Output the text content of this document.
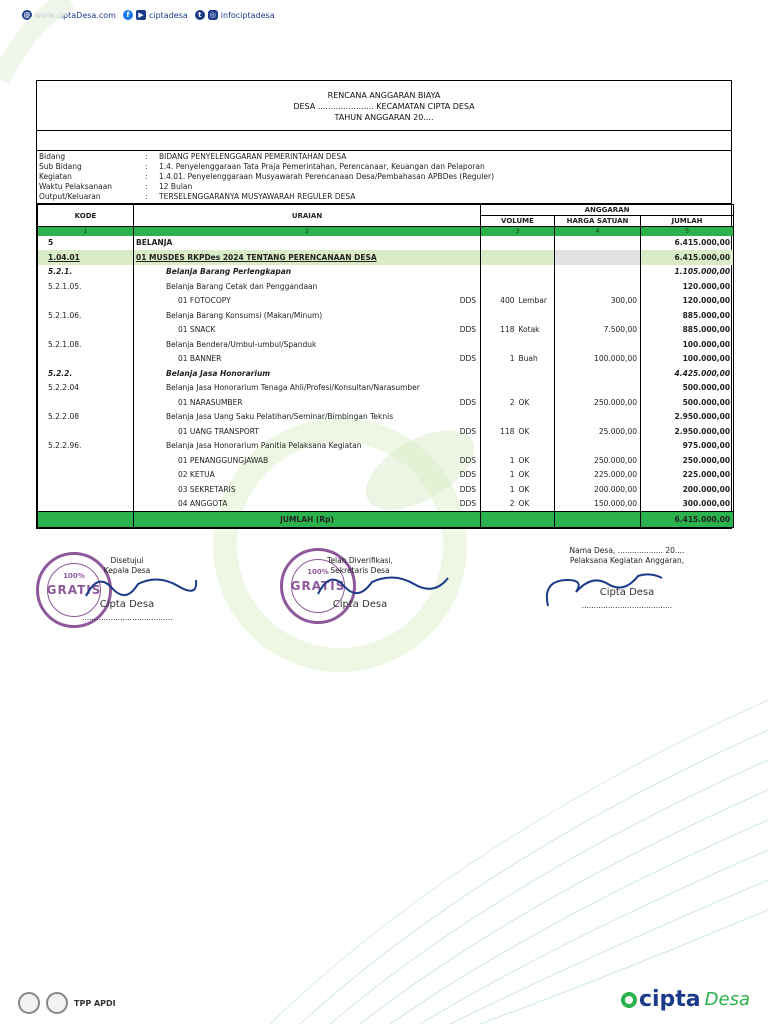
@ www.ciptaDesa.com	f	▶ ciptadesa	t	◎ infociptadesa
RENCANA ANGGARAN BIAYA
DESA ...................... KECAMATAN CIPTA DESA
TAHUN ANGGARAN 20....
Bidang	:	BIDANG PENYELENGGARAN PEMERINTAHAN DESA
Sub Bidang	:	1.4. Penyelenggaraan Tata Praja Pemerintahan, Perencanaar, Keuangan dan Pelaporan
Kegiatan	:	1.4.01. Penyelenggaraan Musyawarah Perencanaan Desa/Pembahasan APBDes (Reguler)
Waktu Pelaksanaan	:	12 Bulan
Output/Keluaran	:	TERSELENGGARANYA MUSYAWARAH REGULER DESA
KODE	URAIAN		ANGGARAN			
			VOLUME		HARGA SATUAN	JUMLAH
1	2		3		4	5
5	BELANJA					6.415.000,00
1.04.01	01 MUSDES RKPDes 2024 TENTANG PERENCANAAN DESA					6.415.000,00
5.2.1.	Belanja Barang Perlengkapan					1.105.000,00
5.2.1.05.	Belanja Barang Cetak dan Penggandaan					120.000,00
	01 FOTOCOPY	DDS	400	Lembar	300,00	120.000,00
5.2.1.06.	Belanja Barang Konsumsi (Makan/Minum)					885.000,00
	01 SNACK	DDS	118	Kotak	7.500,00	885.000,00
5.2.1.08.	Belanja Bendera/Umbul-umbul/Spanduk					100.000,00
	01 BANNER	DDS	1	Buah	100.000,00	100.000,00
5.2.2.	Belanja Jasa Honorarium					4.425.000,00
5.2.2.04	Belanja Jasa Honorarium Tenaga Ahli/Profesi/Konsultan/Narasumber					500.000,00
	01 NARASUMBER	DDS	2	OK	250.000,00	500.000,00
5.2.2.08	Belanja Jasa Uang Saku Pelatihan/Seminar/Bimbingan Teknis					2.950.000,00
	01 UANG TRANSPORT	DDS	118	OK	25.000,00	2.950.000,00
5.2.2.96.	Belanja Jasa Honorarium Panitia Pelaksana Kegiatan					975.000,00
	01 PENANGGUNGJAWAB	DDS	1	OK	250.000,00	250.000,00
	02 KETUA	DDS	1	OK	225.000,00	225.000,00
	03 SEKRETARIS	DDS	1	OK	200.000,00	200.000,00
	04 ANGGOTA	DDS	2	OK	150.000,00	300.000,00
	JUMLAH (Rp)					6.415.000,00
100%
GRATIS
Disetujui
Kepala Desa
Cipta Desa
......................................
100%
GRATIS
Telah Diverifikasi,
Sekretaris Desa
Cipta Desa
Nama Desa, ................... 20....
Pelaksana Kegiatan Anggaran,
Cipta Desa
......................................
TPP APDI	cipta Desa
